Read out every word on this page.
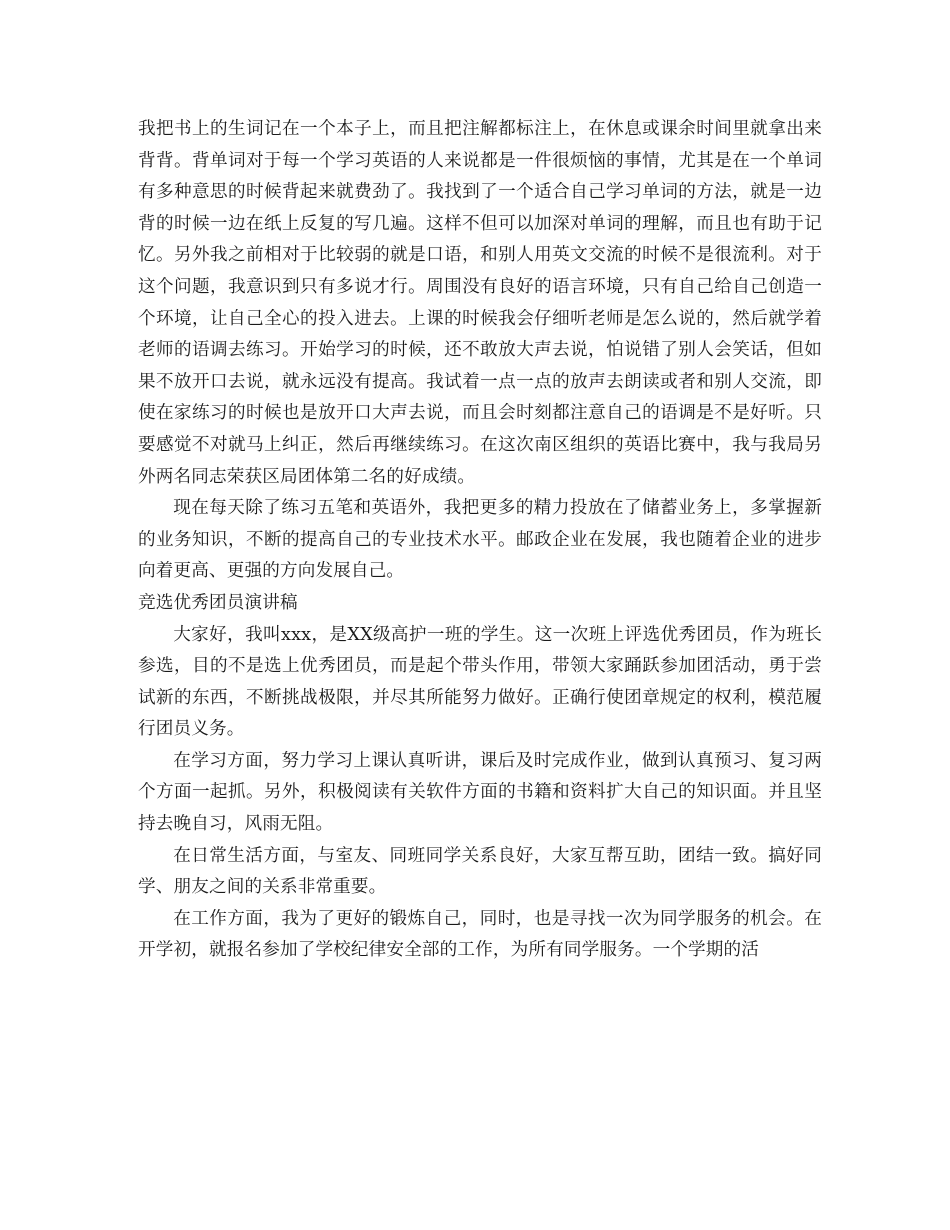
我把书上的生词记在一个本子上，而且把注解都标注上，在休息或课余时间里就拿出来背背。背单词对于每一个学习英语的人来说都是一件很烦恼的事情，尤其是在一个单词有多种意思的时候背起来就费劲了。我找到了一个适合自己学习单词的方法，就是一边背的时候一边在纸上反复的写几遍。这样不但可以加深对单词的理解，而且也有助于记忆。另外我之前相对于比较弱的就是口语，和别人用英文交流的时候不是很流利。对于这个问题，我意识到只有多说才行。周围没有良好的语言环境，只有自己给自己创造一个环境，让自己全心的投入进去。上课的时候我会仔细听老师是怎么说的，然后就学着老师的语调去练习。开始学习的时候，还不敢放大声去说，怕说错了别人会笑话，但如果不放开口去说，就永远没有提高。我试着一点一点的放声去朗读或者和别人交流，即使在家练习的时候也是放开口大声去说，而且会时刻都注意自己的语调是不是好听。只要感觉不对就马上纠正，然后再继续练习。在这次南区组织的英语比赛中，我与我局另外两名同志荣获区局团体第二名的好成绩。

现在每天除了练习五笔和英语外，我把更多的精力投放在了储蓄业务上，多掌握新的业务知识，不断的提高自己的专业技术水平。邮政企业在发展，我也随着企业的进步向着更高、更强的方向发展自己。

竞选优秀团员演讲稿

大家好，我叫xxx，是XX级高护一班的学生。这一次班上评选优秀团员，作为班长参选，目的不是选上优秀团员，而是起个带头作用，带领大家踊跃参加团活动，勇于尝试新的东西，不断挑战极限，并尽其所能努力做好。正确行使团章规定的权利，模范履行团员义务。

在学习方面，努力学习上课认真听讲，课后及时完成作业，做到认真预习、复习两个方面一起抓。另外，积极阅读有关软件方面的书籍和资料扩大自己的知识面。并且坚持去晚自习，风雨无阻。

在日常生活方面，与室友、同班同学关系良好，大家互帮互助，团结一致。搞好同学、朋友之间的关系非常重要。

在工作方面，我为了更好的锻炼自己，同时，也是寻找一次为同学服务的机会。在开学初，就报名参加了学校纪律安全部的工作，为所有同学服务。一个学期的活
